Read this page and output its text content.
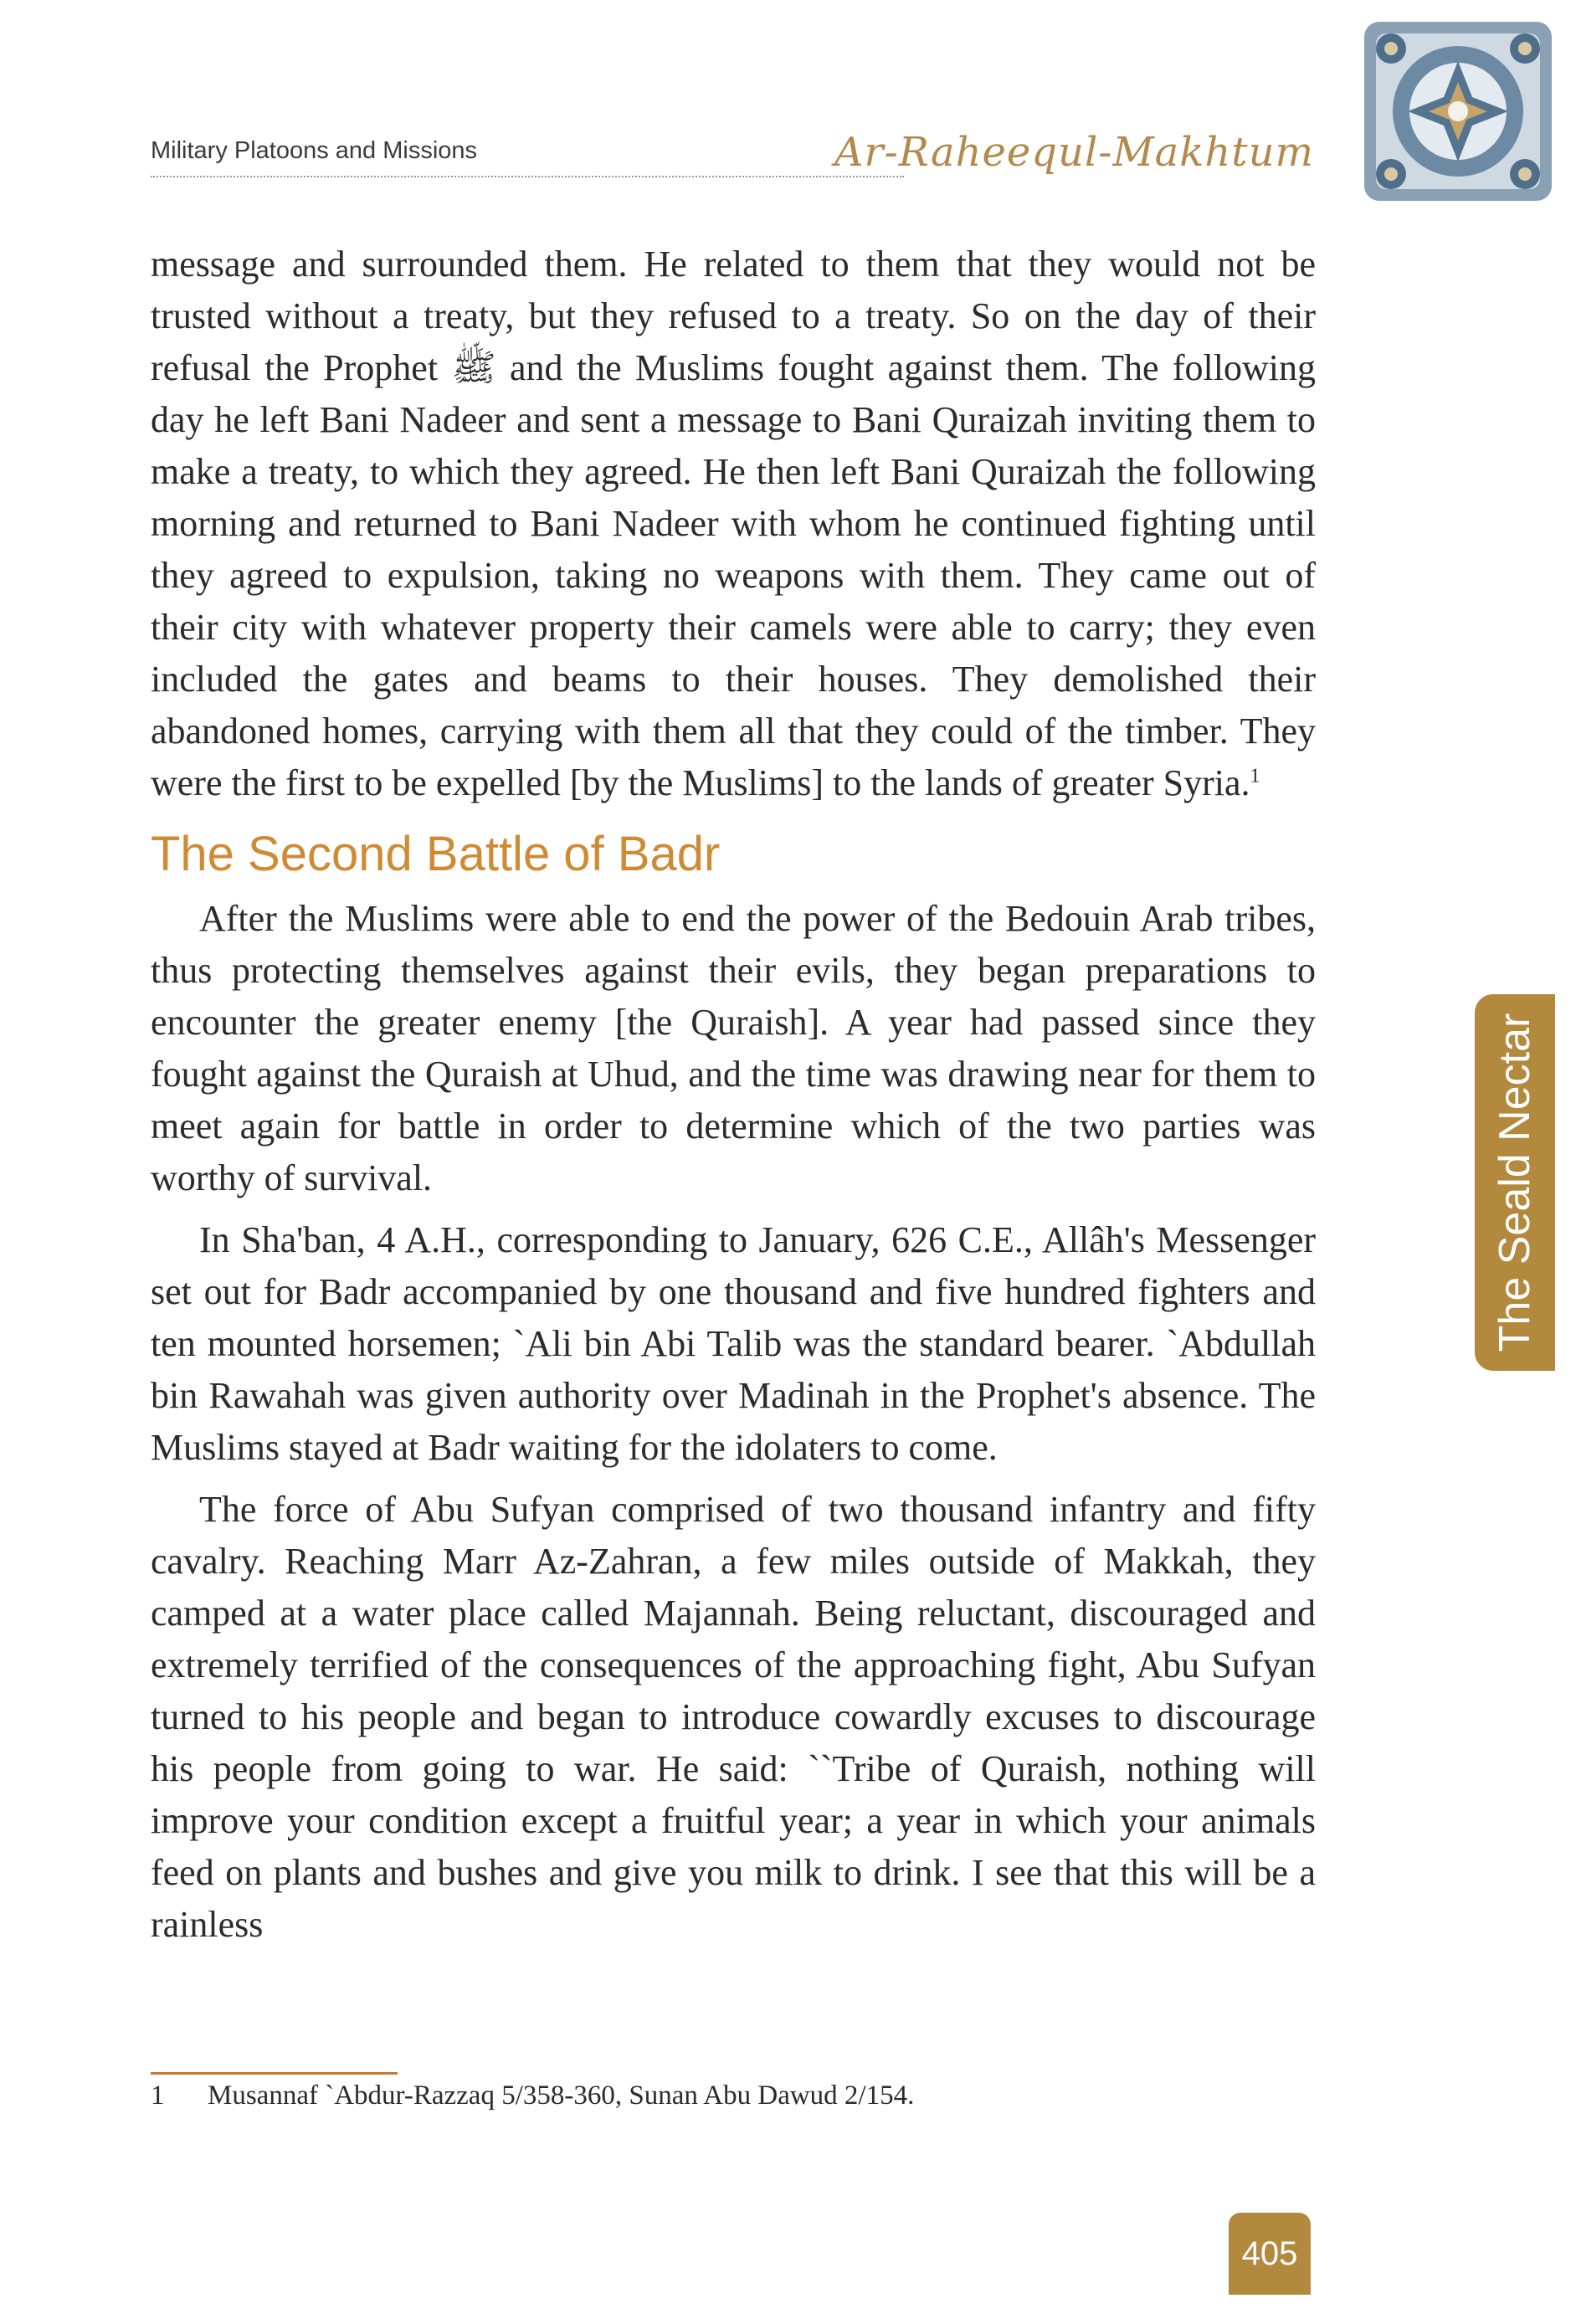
Military Platoons and Missions	Ar-Raheequl-Makhtum

message and surrounded them. He related to them that they would not be trusted without a treaty, but they refused to a treaty. So on the day of their refusal the Prophet ﷺ and the Muslims fought against them. The following day he left Bani Nadeer and sent a message to Bani Quraizah inviting them to make a treaty, to which they agreed. He then left Bani Quraizah the following morning and returned to Bani Nadeer with whom he continued fighting until they agreed to expulsion, taking no weapons with them. They came out of their city with whatever property their camels were able to carry; they even included the gates and beams to their houses. They demolished their abandoned homes, carrying with them all that they could of the timber. They were the first to be expelled [by the Muslims] to the lands of greater Syria.$^1$

The Second Battle of Badr

After the Muslims were able to end the power of the Bedouin Arab tribes, thus protecting themselves against their evils, they began preparations to encounter the greater enemy [the Quraish]. A year had passed since they fought against the Quraish at Uhud, and the time was drawing near for them to meet again for battle in order to determine which of the two parties was worthy of survival.

In Sha'ban, 4 A.H., corresponding to January, 626 C.E., Allâh's Messenger set out for Badr accompanied by one thousand and five hundred fighters and ten mounted horsemen; `Ali bin Abi Talib was the standard bearer. `Abdullah bin Rawahah was given authority over Madinah in the Prophet's absence. The Muslims stayed at Badr waiting for the idolaters to come.

The force of Abu Sufyan comprised of two thousand infantry and fifty cavalry. Reaching Marr Az-Zahran, a few miles outside of Makkah, they camped at a water place called Majannah. Being reluctant, discouraged and extremely terrified of the consequences of the approaching fight, Abu Sufyan turned to his people and began to introduce cowardly excuses to discourage his people from going to war. He said: ``Tribe of Quraish, nothing will improve your condition except a fruitful year; a year in which your animals feed on plants and bushes and give you milk to drink. I see that this will be a rainless

The Seald Nectar
1 Musannaf `Abdur-Razzaq 5/358-360, Sunan Abu Dawud 2/154.
405
